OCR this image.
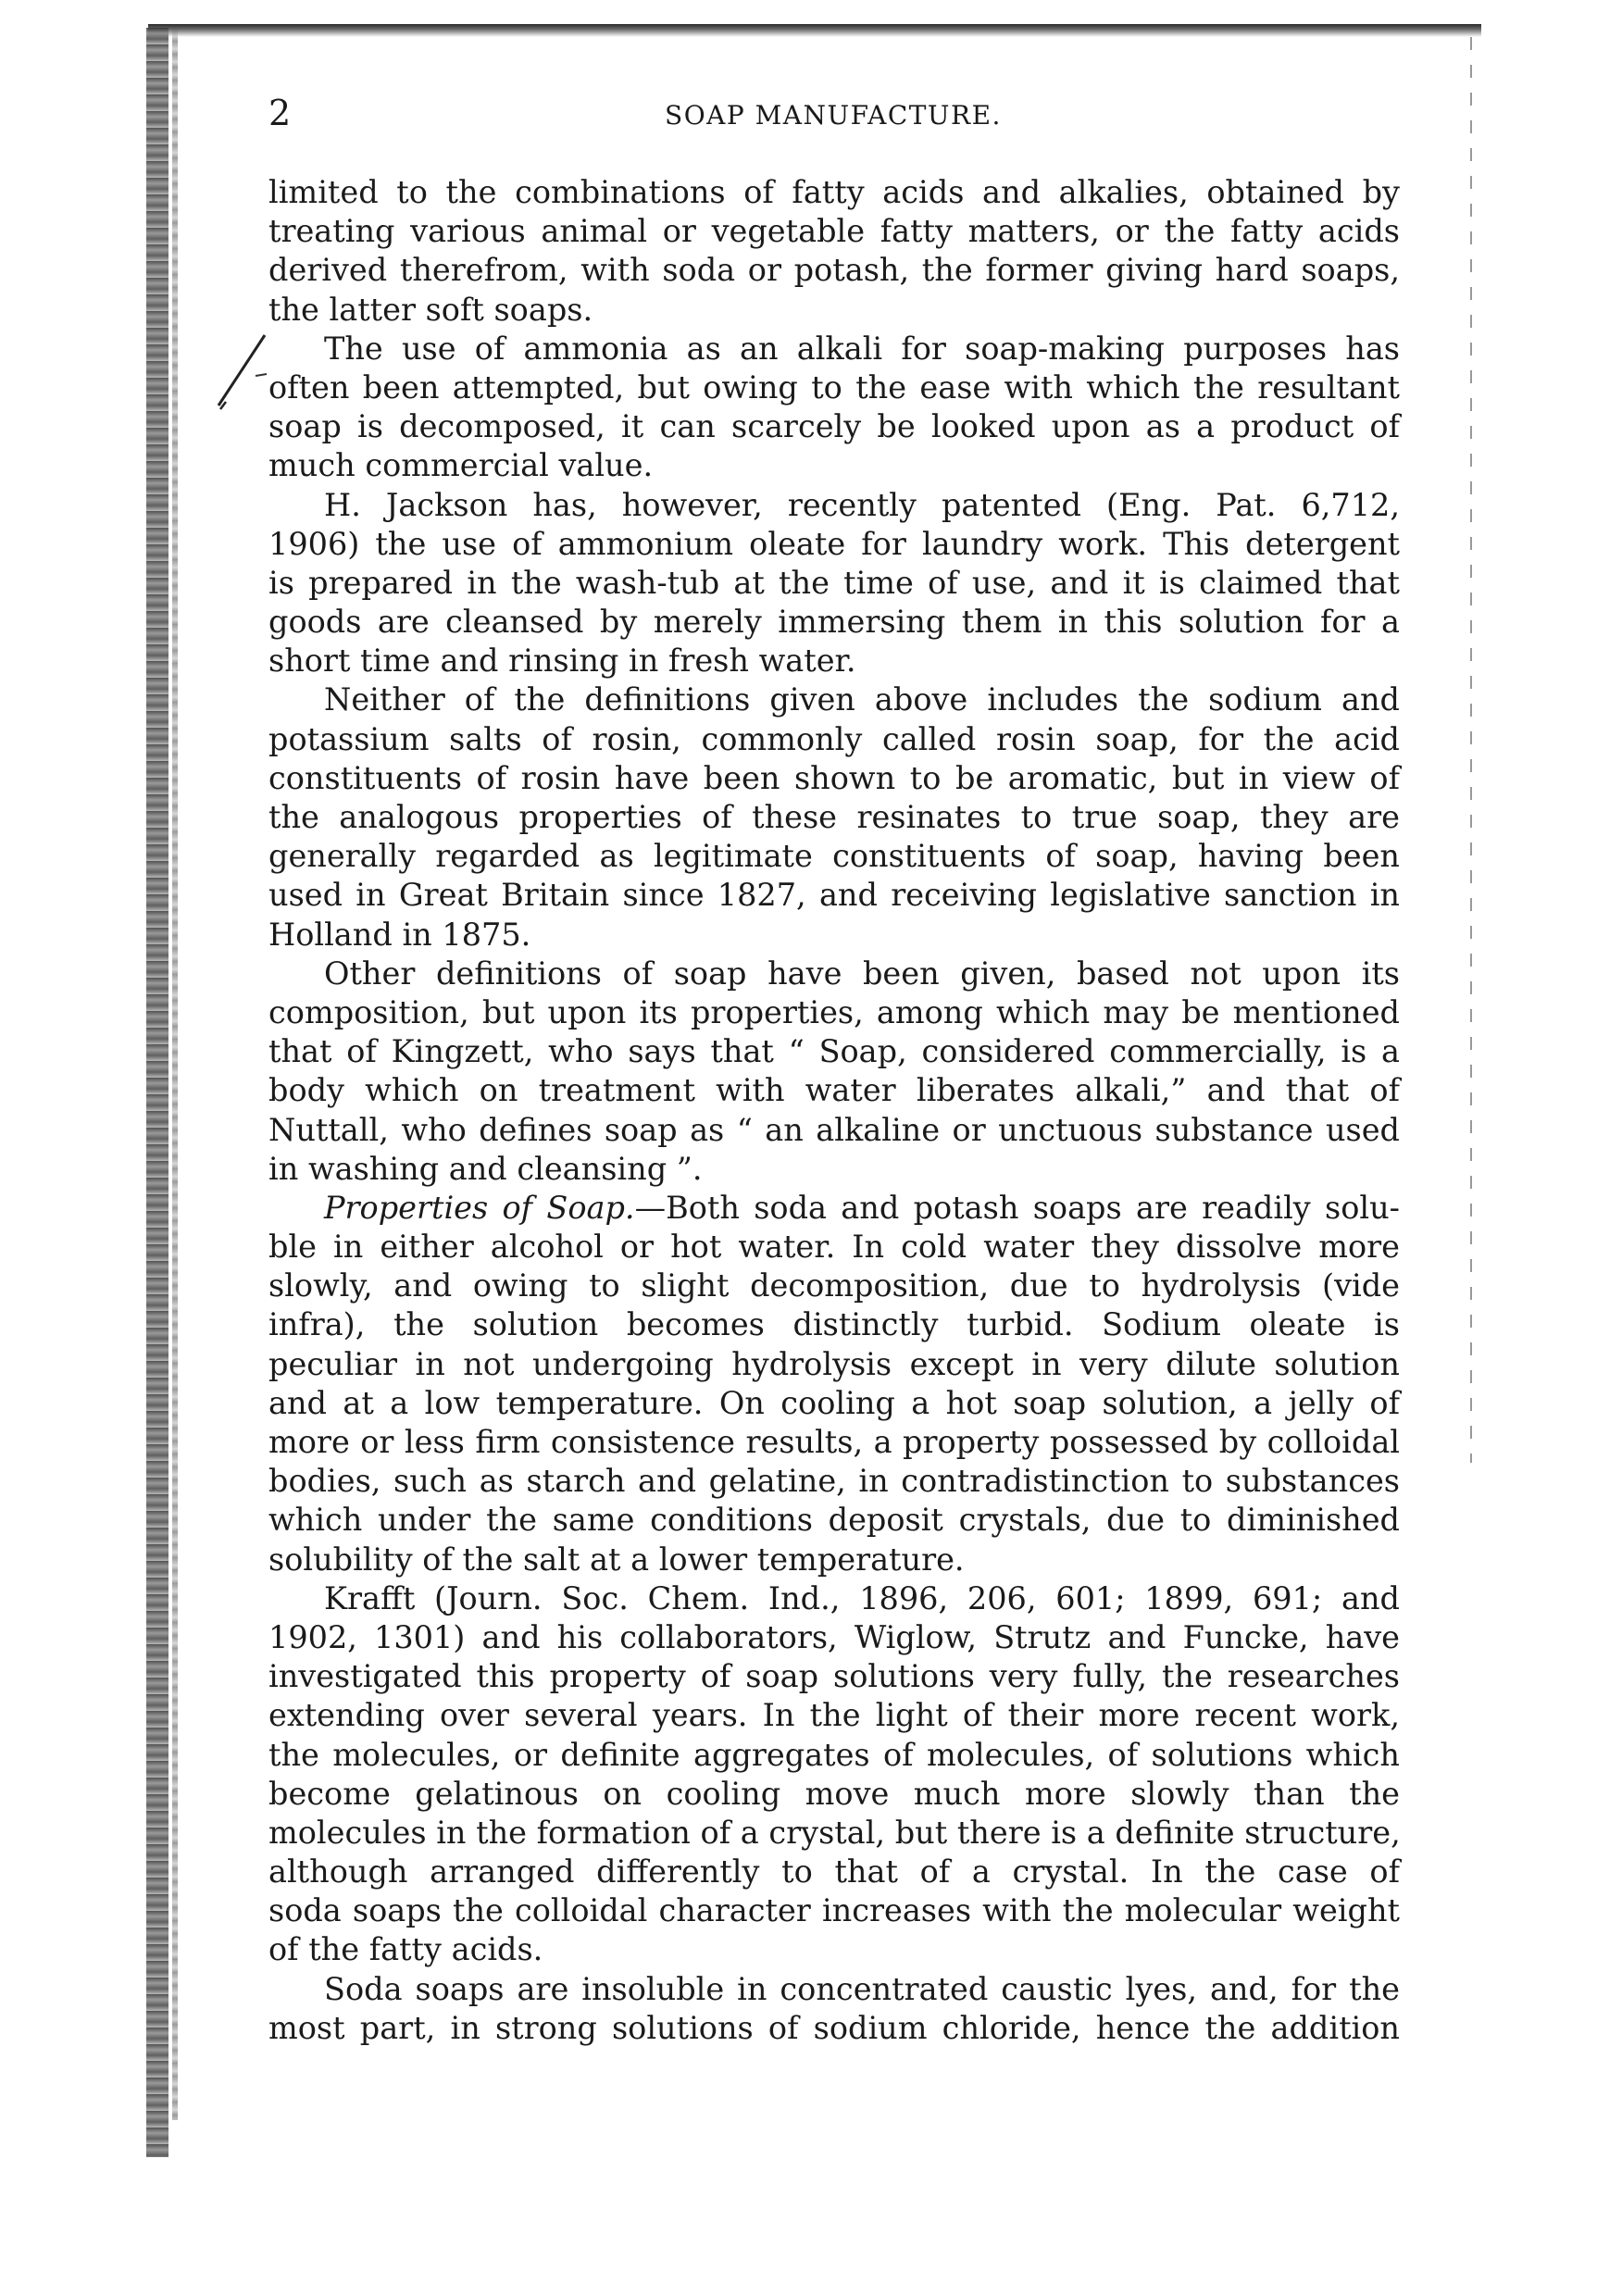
2	SOAP MANUFACTURE.
limited to the combinations of fatty acids and alkalies, obtained by
treating various animal or vegetable fatty matters, or the fatty acids
derived therefrom, with soda or potash, the former giving hard soaps,
the latter soft soaps.
The use of ammonia as an alkali for soap-making purposes has
often been attempted, but owing to the ease with which the resultant
soap is decomposed, it can scarcely be looked upon as a product of
much commercial value.
H. Jackson has, however, recently patented (Eng. Pat. 6,712,
1906) the use of ammonium oleate for laundry work. This detergent
is prepared in the wash-tub at the time of use, and it is claimed that
goods are cleansed by merely immersing them in this solution for a
short time and rinsing in fresh water.
Neither of the definitions given above includes the sodium and
potassium salts of rosin, commonly called rosin soap, for the acid
constituents of rosin have been shown to be aromatic, but in view of
the analogous properties of these resinates to true soap, they are
generally regarded as legitimate constituents of soap, having been
used in Great Britain since 1827, and receiving legislative sanction in
Holland in 1875.
Other definitions of soap have been given, based not upon its
composition, but upon its properties, among which may be mentioned
that of Kingzett, who says that “ Soap, considered commercially, is a
body which on treatment with water liberates alkali,” and that of
Nuttall, who defines soap as “ an alkaline or unctuous substance used
in washing and cleansing ”.
Properties of Soap.—Both soda and potash soaps are readily solu-
ble in either alcohol or hot water. In cold water they dissolve more
slowly, and owing to slight decomposition, due to hydrolysis (vide
infra), the solution becomes distinctly turbid. Sodium oleate is
peculiar in not undergoing hydrolysis except in very dilute solution
and at a low temperature. On cooling a hot soap solution, a jelly of
more or less firm consistence results, a property possessed by colloidal
bodies, such as starch and gelatine, in contradistinction to substances
which under the same conditions deposit crystals, due to diminished
solubility of the salt at a lower temperature.
Krafft (Journ. Soc. Chem. Ind., 1896, 206, 601; 1899, 691; and
1902, 1301) and his collaborators, Wiglow, Strutz and Funcke, have
investigated this property of soap solutions very fully, the researches
extending over several years. In the light of their more recent work,
the molecules, or definite aggregates of molecules, of solutions which
become gelatinous on cooling move much more slowly than the
molecules in the formation of a crystal, but there is a definite structure,
although arranged differently to that of a crystal. In the case of
soda soaps the colloidal character increases with the molecular weight
of the fatty acids.
Soda soaps are insoluble in concentrated caustic lyes, and, for the
most part, in strong solutions of sodium chloride, hence the addition
